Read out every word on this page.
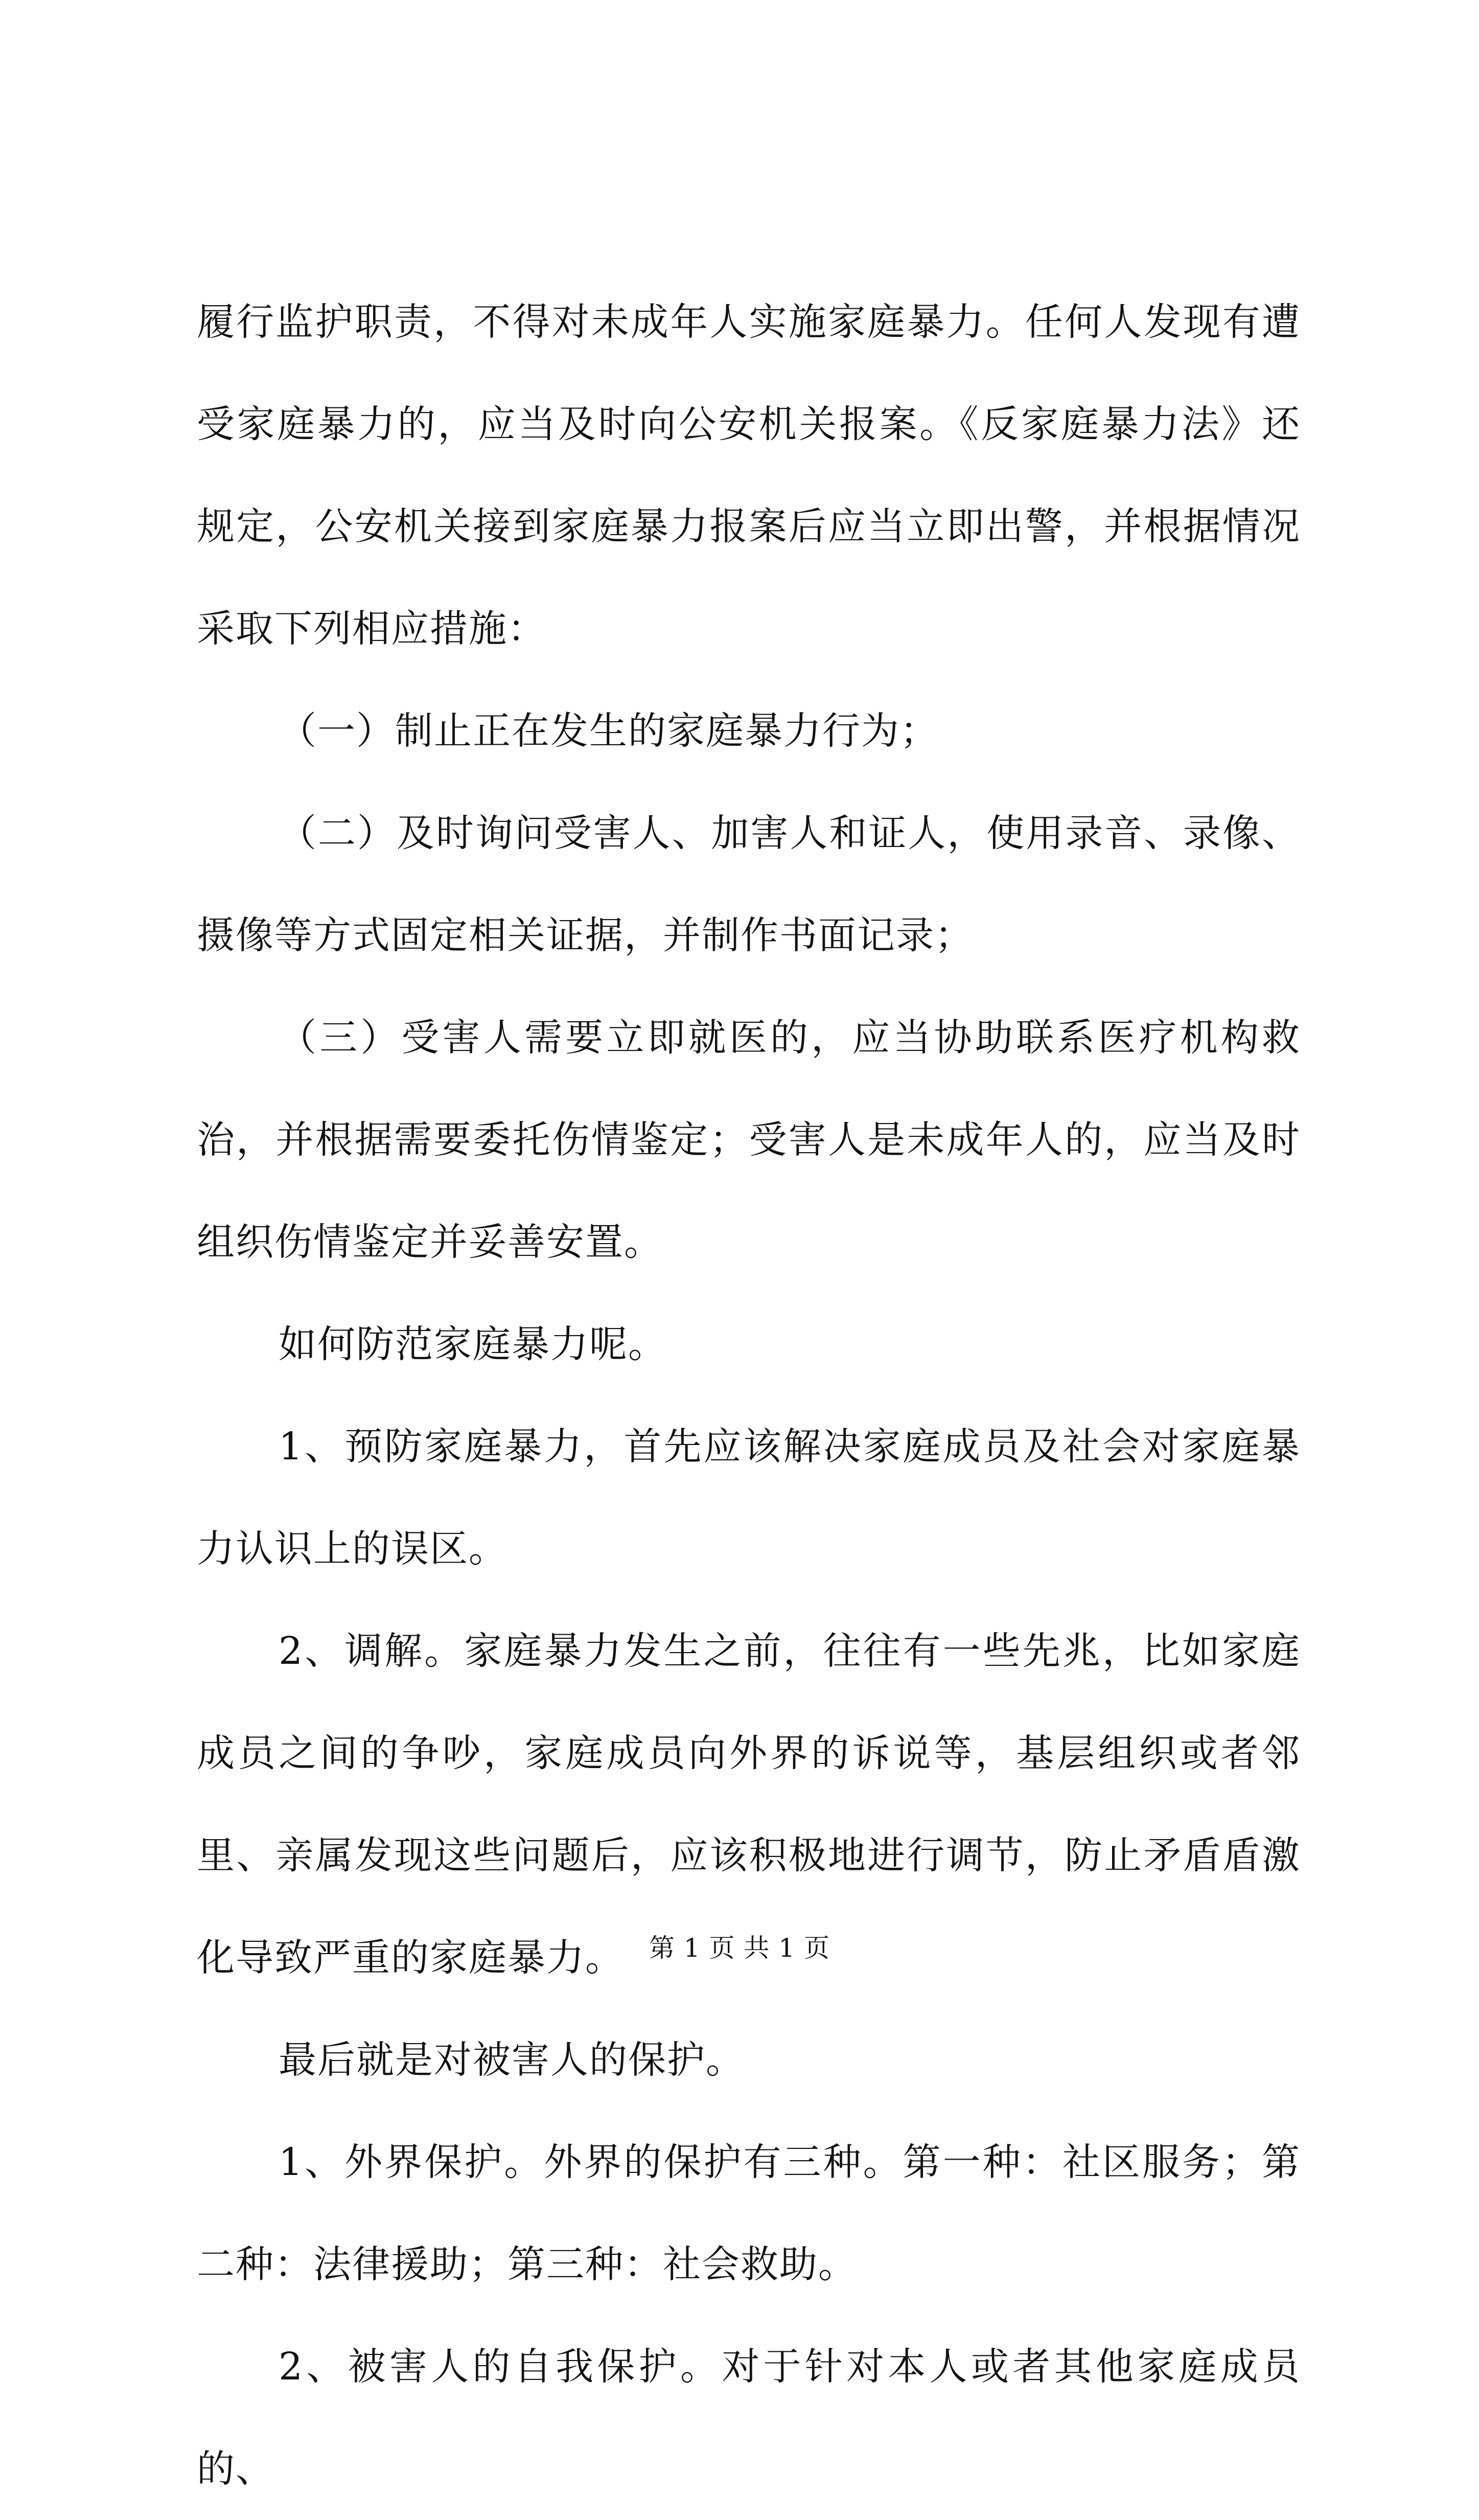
履行监护职责，不得对未成年人实施家庭暴力。任何人发现有遭受家庭暴力的，应当及时向公安机关报案。《反家庭暴力法》还规定，公安机关接到家庭暴力报案后应当立即出警，并根据情况采取下列相应措施：

（一）制止正在发生的家庭暴力行为；

（二）及时询问受害人、加害人和证人，使用录音、录像、摄像等方式固定相关证据，并制作书面记录；

（三）受害人需要立即就医的，应当协助联系医疗机构救治，并根据需要委托伤情鉴定；受害人是未成年人的，应当及时组织伤情鉴定并妥善安置。

如何防范家庭暴力呢。

1、预防家庭暴力，首先应该解决家庭成员及社会对家庭暴力认识上的误区。

2、调解。家庭暴力发生之前，往往有一些先兆，比如家庭成员之间的争吵，家庭成员向外界的诉说等，基层组织或者邻里、亲属发现这些问题后，应该积极地进行调节，防止矛盾盾激化导致严重的家庭暴力。

最后就是对被害人的保护。

1、外界保护。外界的保护有三种。第一种：社区服务；第二种：法律援助；第三种：社会救助。

2、被害人的自我保护。对于针对本人或者其他家庭成员的、

第 1 页 共 1 页
